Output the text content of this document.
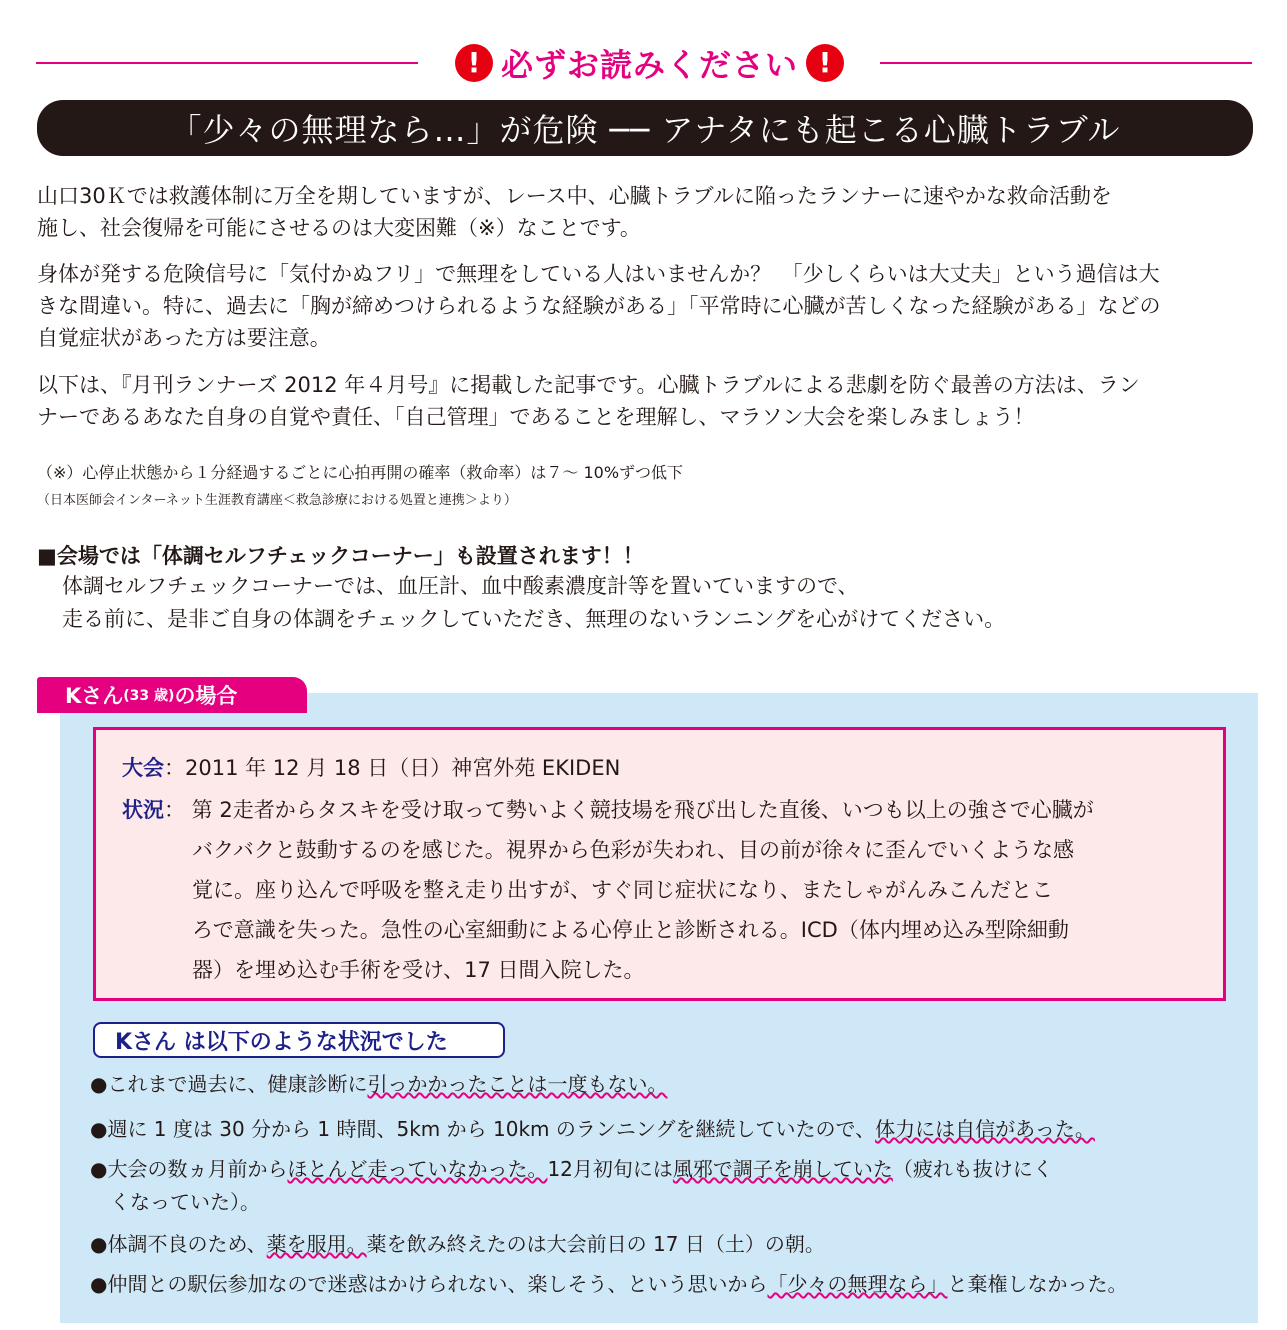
! 必ずお読みください !
「少々の無理なら…」が危険 ── アナタにも起こる心臓トラブル
山口30Ｋでは救護体制に万全を期していますが、レース中、心臓トラブルに陥ったランナーに速やかな救命活動を
施し、社会復帰を可能にさせるのは大変困難（※）なことです。
身体が発する危険信号に「気付かぬフリ」で無理をしている人はいませんか？　「少しくらいは大丈夫」という過信は大
きな間違い。特に、過去に「胸が締めつけられるような経験がある」「平常時に心臓が苦しくなった経験がある」などの
自覚症状があった方は要注意。
以下は、『月刊ランナーズ 2012 年４月号』に掲載した記事です。心臓トラブルによる悲劇を防ぐ最善の方法は、ラン
ナーであるあなた自身の自覚や責任、「自己管理」であることを理解し、マラソン大会を楽しみましょう！
（※）心停止状態から１分経過するごとに心拍再開の確率（救命率）は７～ 10%ずつ低下
（日本医師会インターネット生涯教育講座＜救急診療における処置と連携＞より）
■会場では「体調セルフチェックコーナー」も設置されます！！
体調セルフチェックコーナーでは、血圧計、血中酸素濃度計等を置いていますので、
走る前に、是非ご自身の体調をチェックしていただき、無理のないランニングを心がけてください。
Kさん (33 歳) の場合
大会：2011 年 12 月 18 日（日）神宮外苑 EKIDEN
状況： 第 2走者からタスキを受け取って勢いよく競技場を飛び出した直後、いつも以上の強さで心臓が
バクバクと鼓動するのを感じた。視界から色彩が失われ、目の前が徐々に歪んでいくような感
覚に。座り込んで呼吸を整え走り出すが、すぐ同じ症状になり、またしゃがんみこんだとこ
ろで意識を失った。急性の心室細動による心停止と診断される。ICD（体内埋め込み型除細動
器）を埋め込む手術を受け、17 日間入院した。
Kさん は以下のような状況でした
●これまで過去に、健康診断に引っかかったことは一度もない。
●週に 1 度は 30 分から 1 時間、5km から 10km のランニングを継続していたので、体力には自信があった。
●大会の数ヵ月前からほとんど走っていなかった。12月初旬には風邪で調子を崩していた（疲れも抜けにく
くなっていた）。
●体調不良のため、薬を服用。薬を飲み終えたのは大会前日の 17 日（土）の朝。
●仲間との駅伝参加なので迷惑はかけられない、楽しそう、という思いから「少々の無理なら」と棄権しなかった。
